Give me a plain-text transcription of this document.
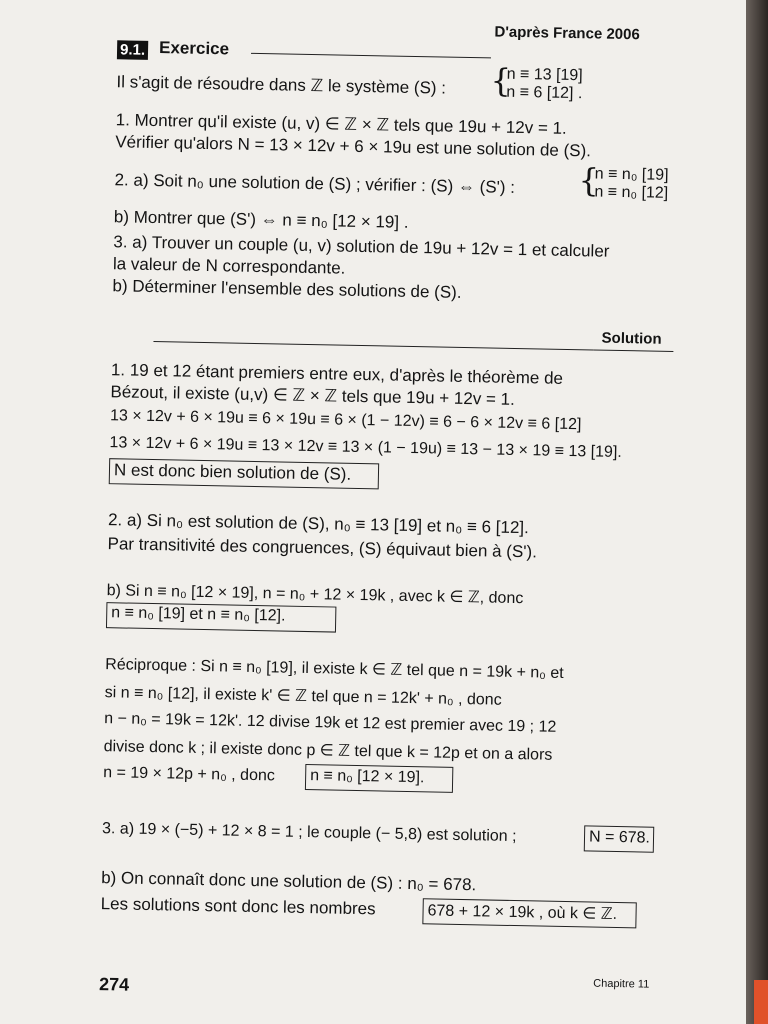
9.1. Exercice
D'après France 2006
Il s'agit de résoudre dans ℤ le système (S) : {
n ≡ 13 [19]
n ≡ 6 [12] .
1. Montrer qu'il existe (u, v) ∈ ℤ × ℤ tels que 19u + 12v = 1.
Vérifier qu'alors N = 13 × 12v + 6 × 19u est une solution de (S).
2. a) Soit n₀ une solution de (S) ; vérifier : (S) ⇔ (S') : {
n ≡ n₀ [19]
n ≡ n₀ [12]
b) Montrer que (S') ⇔ n ≡ n₀ [12 × 19] .
3. a) Trouver un couple (u, v) solution de 19u + 12v = 1 et calculer
la valeur de N correspondante.
b) Déterminer l'ensemble des solutions de (S).
Solution
1. 19 et 12 étant premiers entre eux, d'après le théorème de
Bézout, il existe (u,v) ∈ ℤ × ℤ tels que 19u + 12v = 1.
13 × 12v + 6 × 19u ≡ 6 × 19u ≡ 6 × (1 − 12v) ≡ 6 − 6 × 12v ≡ 6 [12]
13 × 12v + 6 × 19u ≡ 13 × 12v ≡ 13 × (1 − 19u) ≡ 13 − 13 × 19 ≡ 13 [19].
N est donc bien solution de (S).
2. a) Si n₀ est solution de (S), n₀ ≡ 13 [19] et n₀ ≡ 6 [12].
Par transitivité des congruences, (S) équivaut bien à (S').
b) Si n ≡ n₀ [12 × 19], n = n₀ + 12 × 19k , avec k ∈ ℤ, donc
n ≡ n₀ [19] et n ≡ n₀ [12].
Réciproque : Si n ≡ n₀ [19], il existe k ∈ ℤ tel que n = 19k + n₀ et
si n ≡ n₀ [12], il existe k' ∈ ℤ tel que n = 12k' + n₀ , donc
n − n₀ = 19k = 12k'. 12 divise 19k et 12 est premier avec 19 ; 12
divise donc k ; il existe donc p ∈ ℤ tel que k = 12p et on a alors
n = 19 × 12p + n₀ , donc n ≡ n₀ [12 × 19].
3. a) 19 × (−5) + 12 × 8 = 1 ; le couple (− 5,8) est solution ;	N = 678.
b) On connaît donc une solution de (S) : n₀ = 678.
Les solutions sont donc les nombres	678 + 12 × 19k , où k ∈ ℤ.
274	Chapitre 11
